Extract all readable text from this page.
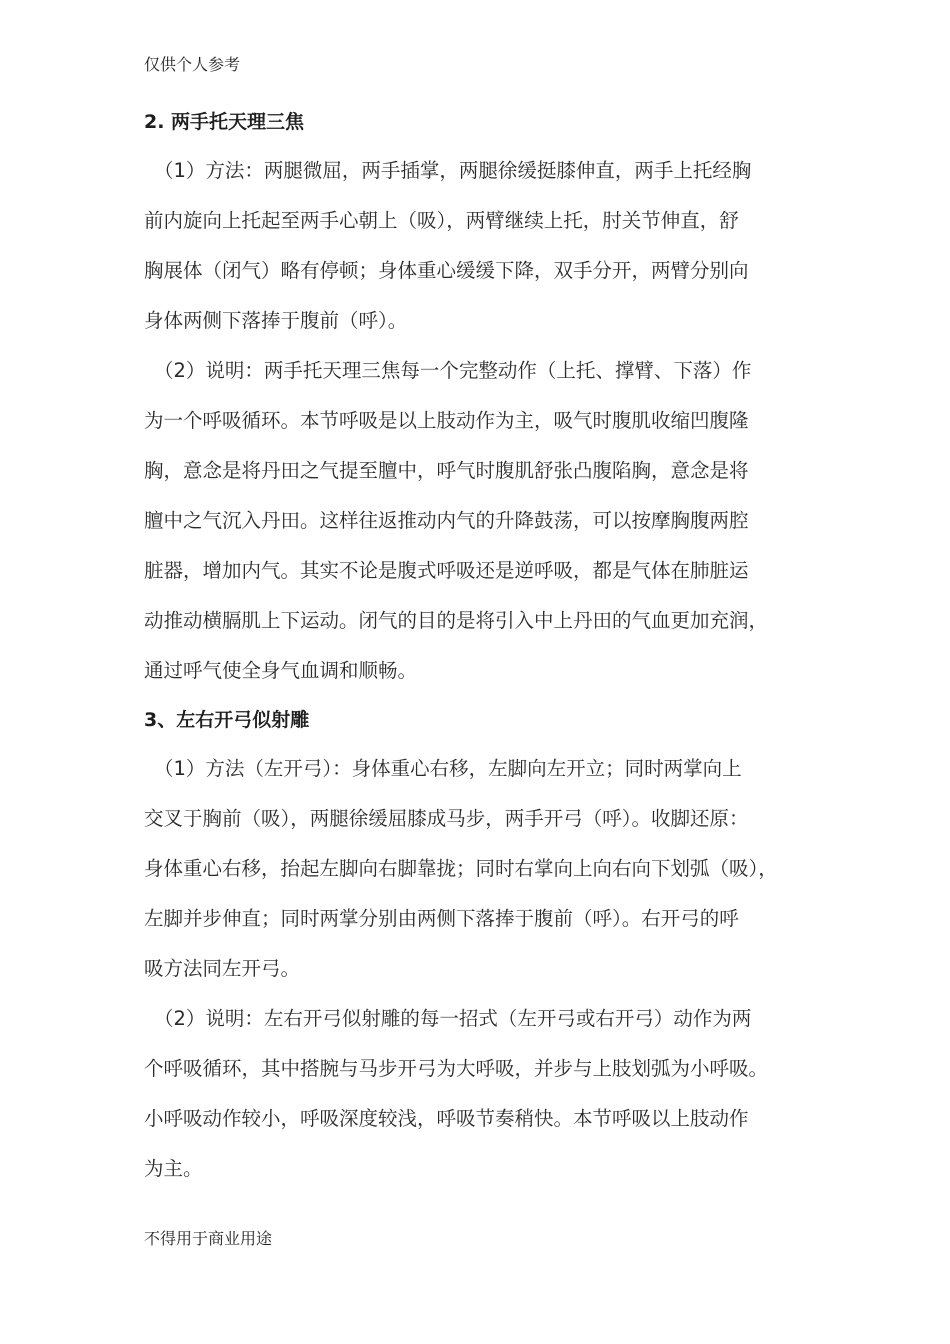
仅供个人参考
2. 两手托天理三焦
（1）方法：两腿微屈，两手插掌，两腿徐缓挺膝伸直，两手上托经胸
前内旋向上托起至两手心朝上（吸），两臂继续上托，肘关节伸直，舒
胸展体（闭气）略有停顿；身体重心缓缓下降，双手分开，两臂分别向
身体两侧下落捧于腹前（呼）。
（2）说明：两手托天理三焦每一个完整动作（上托、撑臂、下落）作
为一个呼吸循环。本节呼吸是以上肢动作为主，吸气时腹肌收缩凹腹隆
胸，意念是将丹田之气提至膻中，呼气时腹肌舒张凸腹陷胸，意念是将
膻中之气沉入丹田。这样往返推动内气的升降鼓荡，可以按摩胸腹两腔
脏器，增加内气。其实不论是腹式呼吸还是逆呼吸，都是气体在肺脏运
动推动横膈肌上下运动。闭气的目的是将引入中上丹田的气血更加充润，
通过呼气使全身气血调和顺畅。
3、左右开弓似射雕
（1）方法（左开弓）：身体重心右移，左脚向左开立；同时两掌向上
交叉于胸前（吸），两腿徐缓屈膝成马步，两手开弓（呼）。收脚还原：
身体重心右移，抬起左脚向右脚靠拢；同时右掌向上向右向下划弧（吸），
左脚并步伸直；同时两掌分别由两侧下落捧于腹前（呼）。右开弓的呼
吸方法同左开弓。
（2）说明：左右开弓似射雕的每一招式（左开弓或右开弓）动作为两
个呼吸循环，其中搭腕与马步开弓为大呼吸，并步与上肢划弧为小呼吸。
小呼吸动作较小，呼吸深度较浅，呼吸节奏稍快。本节呼吸以上肢动作
为主。
不得用于商业用途
